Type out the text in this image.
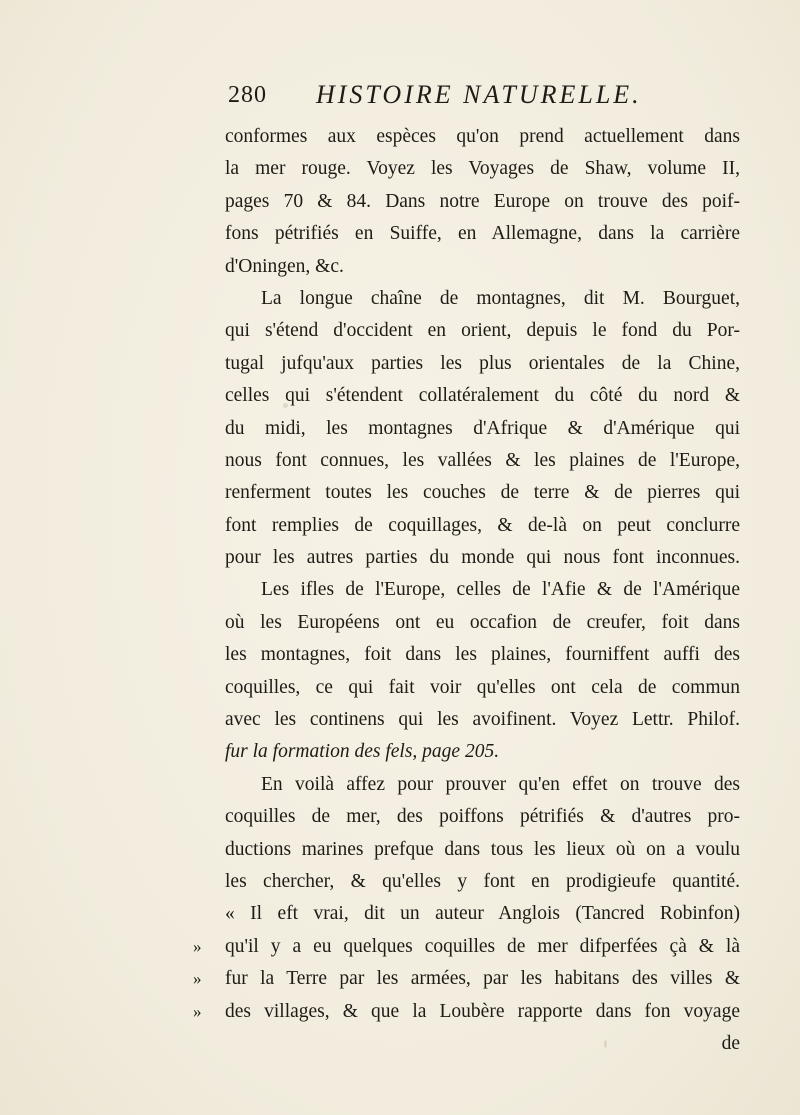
280 HISTOIRE NATURELLE.
conformes aux espèces qu'on prend actuellement dans
la mer rouge. Voyez les Voyages de Shaw, volume II,
pages 70 & 84. Dans notre Europe on trouve des poif-
fons pétrifiés en Suiffe, en Allemagne, dans la carrière
d'Oningen, &c.
La longue chaîne de montagnes, dit M. Bourguet,
qui s'étend d'occident en orient, depuis le fond du Por-
tugal jufqu'aux parties les plus orientales de la Chine,
celles qui s'étendent collatéralement du côté du nord &
du midi, les montagnes d'Afrique & d'Amérique qui
nous font connues, les vallées & les plaines de l'Europe,
renferment toutes les couches de terre & de pierres qui
font remplies de coquillages, & de-là on peut conclurre
pour les autres parties du monde qui nous font inconnues.
Les ifles de l'Europe, celles de l'Afie & de l'Amérique
où les Européens ont eu occafion de creufer, foit dans
les montagnes, foit dans les plaines, fourniffent auffi des
coquilles, ce qui fait voir qu'elles ont cela de commun
avec les continens qui les avoifinent. Voyez Lettr. Philof.
fur la formation des fels, page 205.
En voilà affez pour prouver qu'en effet on trouve des
coquilles de mer, des poiffons pétrifiés & d'autres pro-
ductions marines prefque dans tous les lieux où on a voulu
les chercher, & qu'elles y font en prodigieufe quantité.
« Il eft vrai, dit un auteur Anglois (Tancred Robinfon)
» qu'il y a eu quelques coquilles de mer difperfées çà & là
» fur la Terre par les armées, par les habitans des villes &
» des villages, & que la Loubère rapporte dans fon voyage
de
